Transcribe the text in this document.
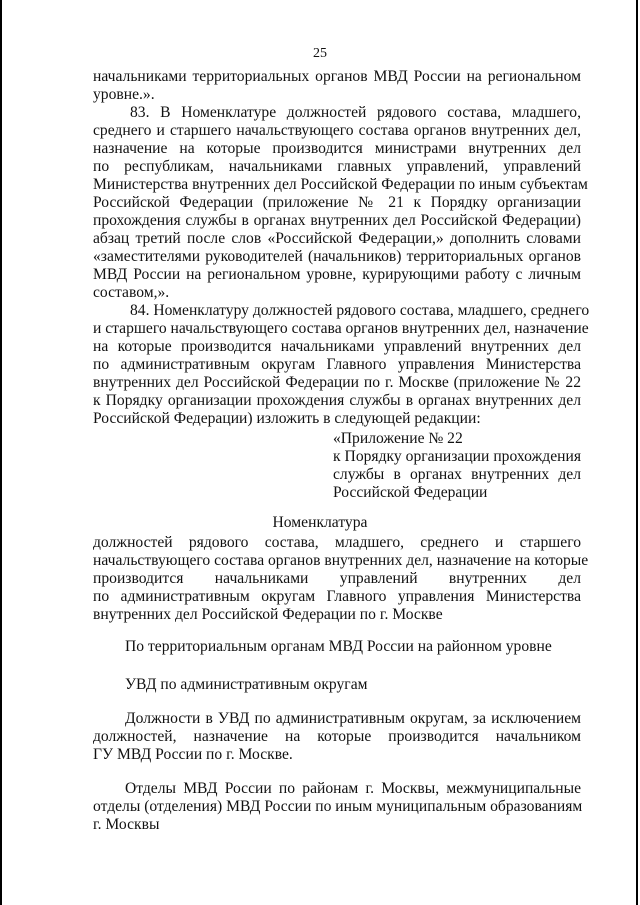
25
начальниками территориальных органов МВД России на региональном
уровне.».
83. В Номенклатуре должностей рядового состава, младшего,
среднего и старшего начальствующего состава органов внутренних дел,
назначение на которые производится министрами внутренних дел
по республикам, начальниками главных управлений, управлений
Министерства внутренних дел Российской Федерации по иным субъектам
Российской Федерации (приложение № 21 к Порядку организации
прохождения службы в органах внутренних дел Российской Федерации)
абзац третий после слов «Российской Федерации,» дополнить словами
«заместителями руководителей (начальников) территориальных органов
МВД России на региональном уровне, курирующими работу с личным
составом,».
84. Номенклатуру должностей рядового состава, младшего, среднего
и старшего начальствующего состава органов внутренних дел, назначение
на которые производится начальниками управлений внутренних дел
по административным округам Главного управления Министерства
внутренних дел Российской Федерации по г. Москве (приложение № 22
к Порядку организации прохождения службы в органах внутренних дел
Российской Федерации) изложить в следующей редакции:
«Приложение № 22
к Порядку организации прохождения
службы в органах внутренних дел
Российской Федерации
Номенклатура
должностей рядового состава, младшего, среднего и старшего
начальствующего состава органов внутренних дел, назначение на которые
производится начальниками управлений внутренних дел
по административным округам Главного управления Министерства
внутренних дел Российской Федерации по г. Москве
По территориальным органам МВД России на районном уровне
УВД по административным округам
Должности в УВД по административным округам, за исключением
должностей, назначение на которые производится начальником
ГУ МВД России по г. Москве.
Отделы МВД России по районам г. Москвы, межмуниципальные
отделы (отделения) МВД России по иным муниципальным образованиям
г. Москвы
